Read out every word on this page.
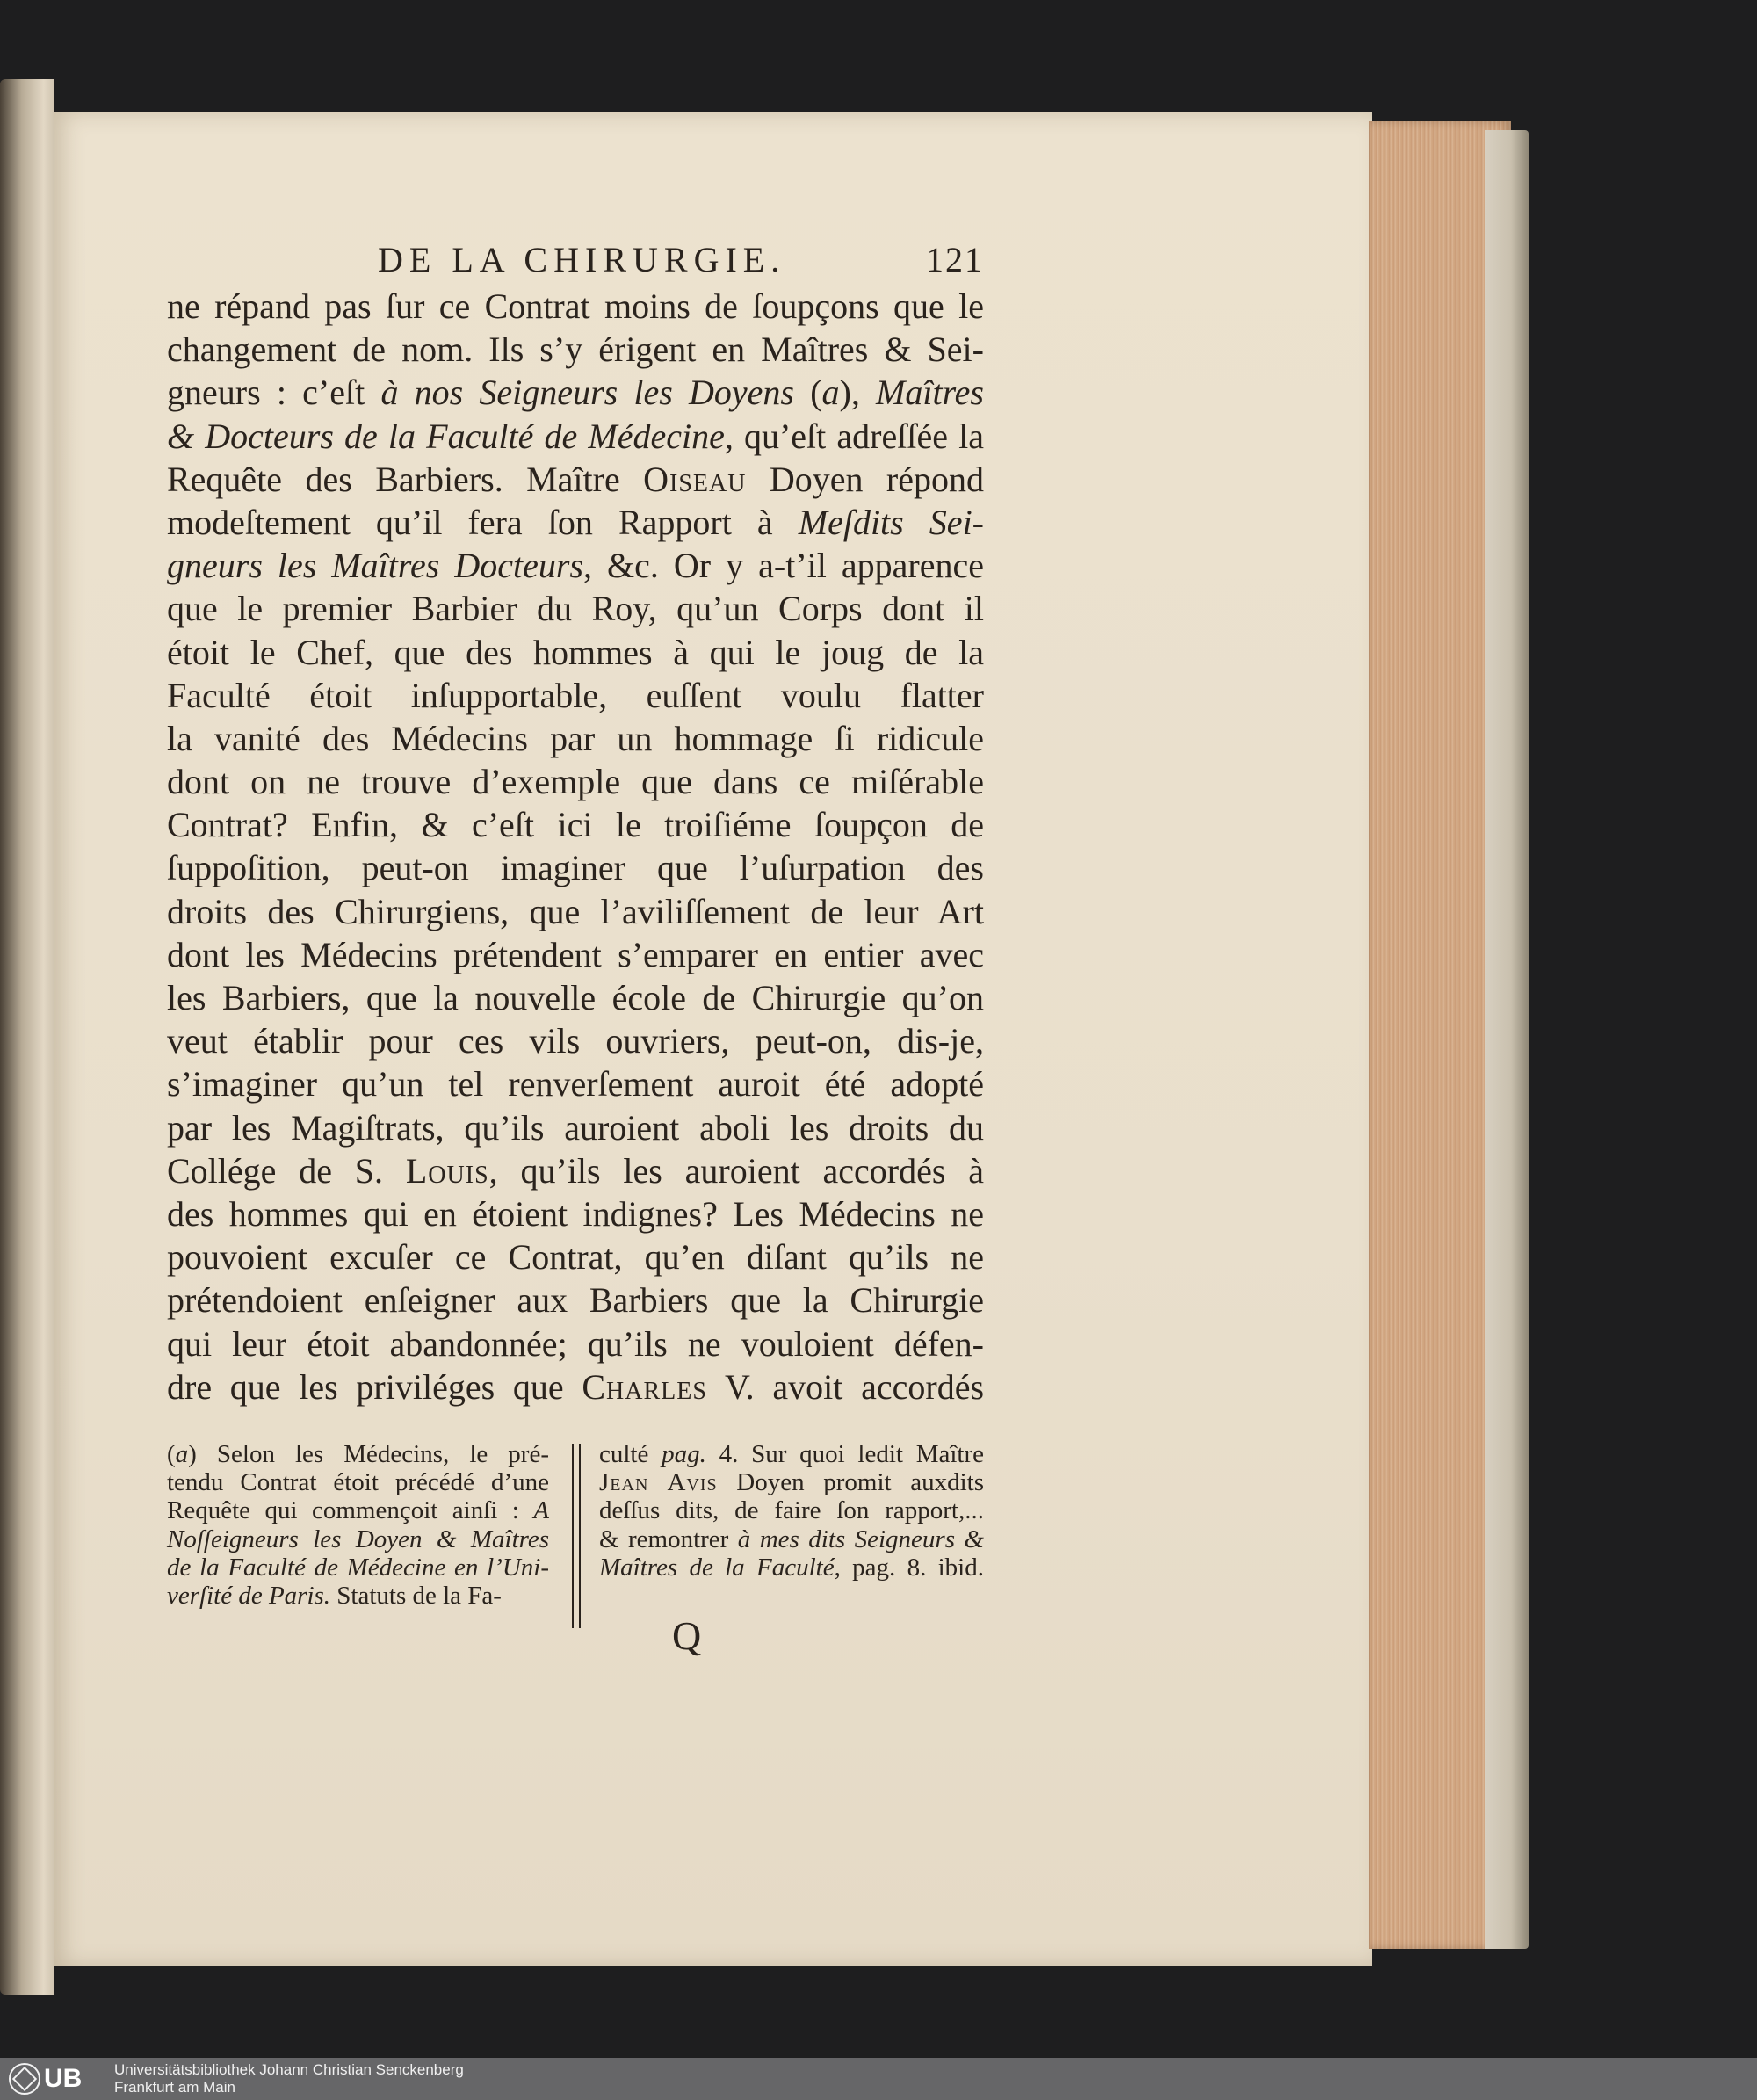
DE LA CHIRURGIE.	121
ne répand pas ſur ce Contrat moins de ſoupçons que le
changement de nom. Ils s’y érigent en Maîtres & Sei-
gneurs : c’eſt à nos Seigneurs les Doyens (a), Maîtres
& Docteurs de la Faculté de Médecine, qu’eſt adreſſée la
Requête des Barbiers. Maître Oiseau Doyen répond
modeſtement qu’il fera ſon Rapport à Meſdits Sei-
gneurs les Maîtres Docteurs, &c. Or y a-t’il apparence
que le premier Barbier du Roy, qu’un Corps dont il
étoit le Chef, que des hommes à qui le joug de la
Faculté étoit inſupportable, euſſent voulu flatter
la vanité des Médecins par un hommage ſi ridicule
dont on ne trouve d’exemple que dans ce miſérable
Contrat? Enfin, & c’eſt ici le troiſiéme ſoupçon de
ſuppoſition, peut-on imaginer que l’uſurpation des
droits des Chirurgiens, que l’aviliſſement de leur Art
dont les Médecins prétendent s’emparer en entier avec
les Barbiers, que la nouvelle école de Chirurgie qu’on
veut établir pour ces vils ouvriers, peut-on, dis-je,
s’imaginer qu’un tel renverſement auroit été adopté
par les Magiſtrats, qu’ils auroient aboli les droits du
Collége de S. Louis, qu’ils les auroient accordés à
des hommes qui en étoient indignes? Les Médecins ne
pouvoient excuſer ce Contrat, qu’en diſant qu’ils ne
prétendoient enſeigner aux Barbiers que la Chirurgie
qui leur étoit abandonnée; qu’ils ne vouloient défen-
dre que les priviléges que Charles V. avoit accordés
(a) Selon les Médecins, le pré-
tendu Contrat étoit précédé d’une
Requête qui commençoit ainſi : A
Noſſeigneurs les Doyen & Maîtres
de la Faculté de Médecine en l’Uni-
verſité de Paris. Statuts de la Fa-
culté pag. 4. Sur quoi ledit Maître
Jean Avis Doyen promit auxdits
deſſus dits, de faire ſon rapport,...
& remontrer à mes dits Seigneurs &
Maîtres de la Faculté, pag. 8. ibid.
Q
UB Universitätsbibliothek Johann Christian Senckenberg
Frankfurt am Main
